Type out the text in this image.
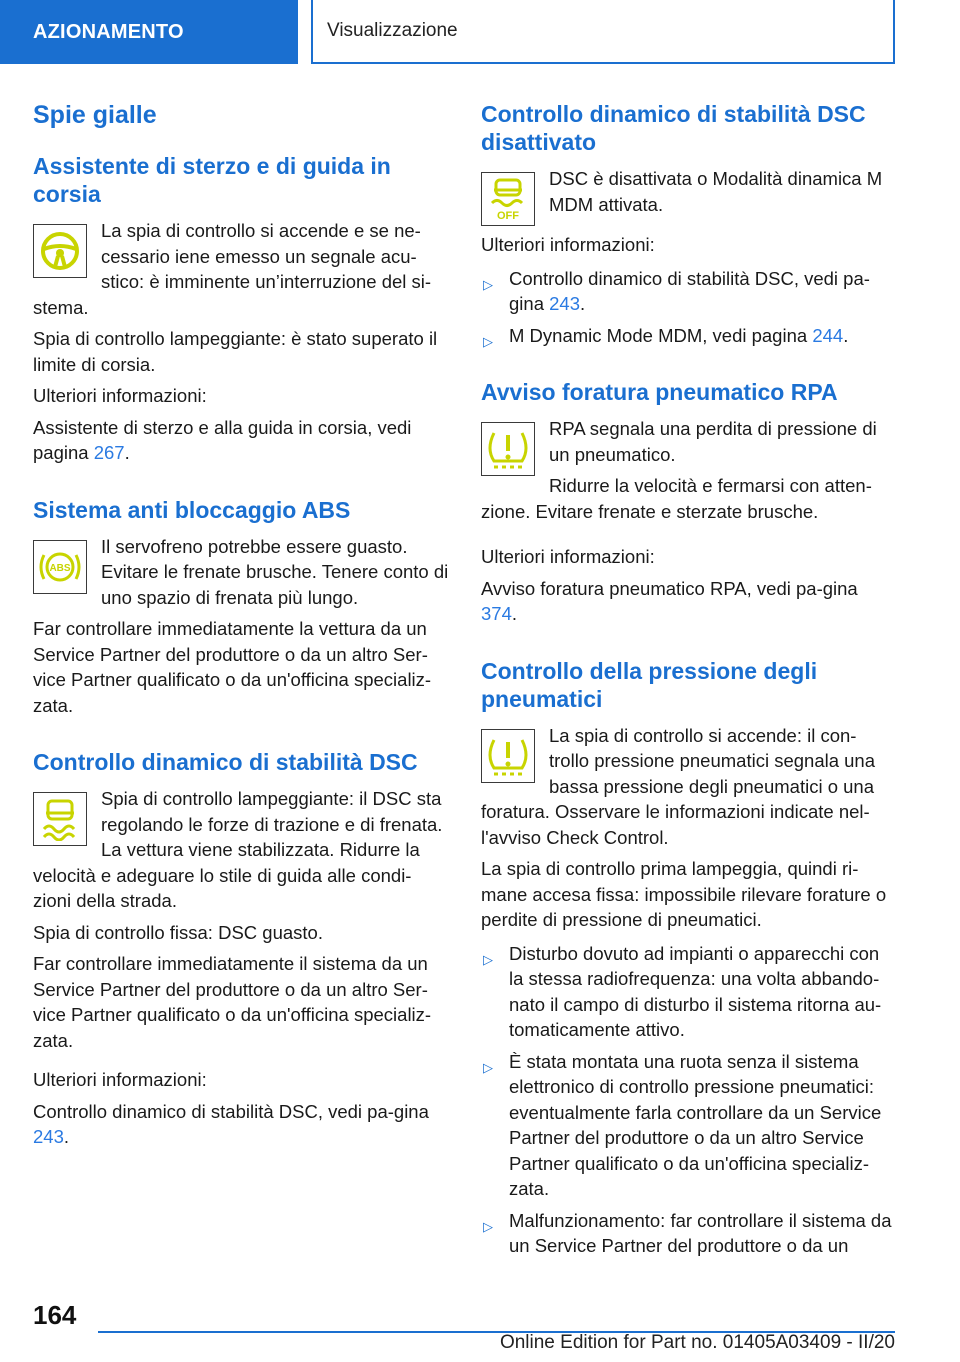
AZIONAMENTO	Visualizzazione
Spie gialle
Assistente di sterzo e di guida in corsia

La spia di controllo si accende e se ne-cessario iene emesso un segnale acu-stico: è imminente un’interruzione del si-stema.

Spia di controllo lampeggiante: è stato superato il limite di corsia.

Ulteriori informazioni:

Assistente di sterzo e alla guida in corsia, vedi pagina 267.

Sistema anti bloccaggio ABS
ABS

Il servofreno potrebbe essere guasto. Evitare le frenate brusche. Tenere conto di uno spazio di frenata più lungo.

Far controllare immediatamente la vettura da un Service Partner del produttore o da un altro Ser-vice Partner qualificato o da un'officina specializ-zata.

Controllo dinamico di stabilità DSC

Spia di controllo lampeggiante: il DSC sta regolando le forze di trazione e di frenata. La vettura viene stabilizzata. Ridurre la velocità e adeguare lo stile di guida alle condi-zioni della strada.

Spia di controllo fissa: DSC guasto.

Far controllare immediatamente il sistema da un Service Partner del produttore o da un altro Ser-vice Partner qualificato o da un'officina specializ-zata.

Ulteriori informazioni:

Controllo dinamico di stabilità DSC, vedi pa-gina 243.

Controllo dinamico di stabilità DSC disattivato
OFF

DSC è disattivata o Modalità dinamica M MDM attivata.

Ulteriori informazioni:

▷ Controllo dinamico di stabilità DSC, vedi pa-gina 243.
▷ M Dynamic Mode MDM, vedi pagina 244.
Avviso foratura pneumatico RPA

RPA segnala una perdita di pressione di un pneumatico.

Ridurre la velocità e fermarsi con atten-zione. Evitare frenate e sterzate brusche.

Ulteriori informazioni:

Avviso foratura pneumatico RPA, vedi pa-gina 374.

Controllo della pressione degli pneumatici

La spia di controllo si accende: il con-trollo pressione pneumatici segnala una bassa pressione degli pneumatici o una foratura. Osservare le informazioni indicate nel-l'avviso Check Control.

La spia di controllo prima lampeggia, quindi ri-mane accesa fissa: impossibile rilevare forature o perdite di pressione di pneumatici.

▷ Disturbo dovuto ad impianti o apparecchi con la stessa radiofrequenza: una volta abbando-nato il campo di disturbo il sistema ritorna au-tomaticamente attivo.
▷ È stata montata una ruota senza il sistema elettronico di controllo pressione pneumatici: eventualmente farla controllare da un Service Partner del produttore o da un altro Service Partner qualificato o da un'officina specializ-zata.
▷ Malfunzionamento: far controllare il sistema da un Service Partner del produttore o da un
164
Online Edition for Part no. 01405A03409 - II/20
